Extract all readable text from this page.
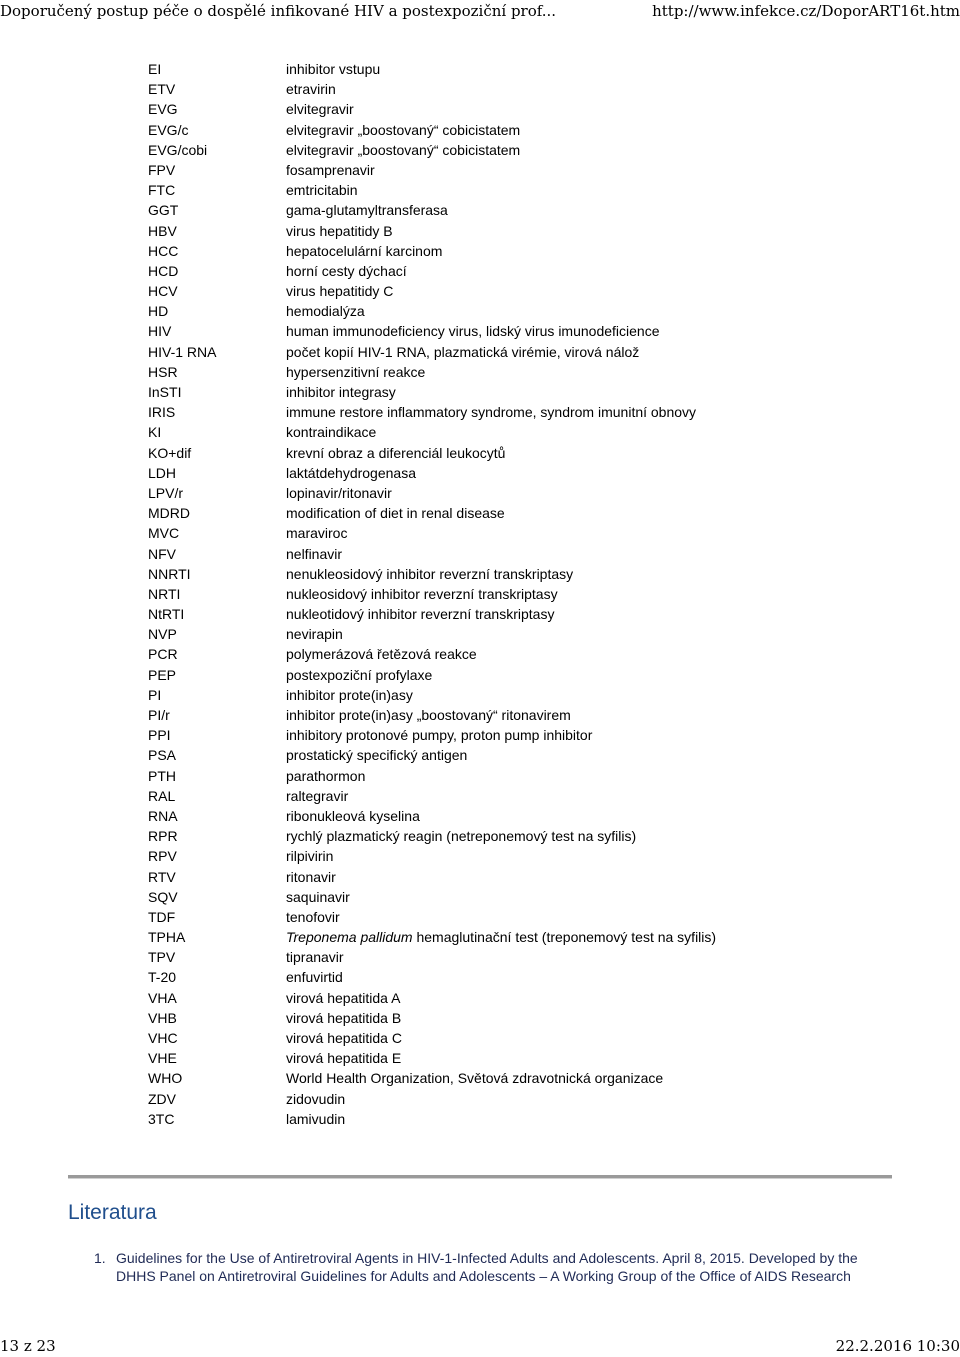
Doporučený postup péče o dospělé infikované HIV a postexpoziční prof...	http://www.infekce.cz/DoporART16t.htm
EI	inhibitor vstupu
ETV	etravirin
EVG	elvitegravir
EVG/c	elvitegravir „boostovaný“ cobicistatem
EVG/cobi	elvitegravir „boostovaný“ cobicistatem
FPV	fosamprenavir
FTC	emtricitabin
GGT	gama-glutamyltransferasa
HBV	virus hepatitidy B
HCC	hepatocelulární karcinom
HCD	horní cesty dýchací
HCV	virus hepatitidy C
HD	hemodialýza
HIV	human immunodeficiency virus, lidský virus imunodeficience
HIV-1 RNA	počet kopií HIV-1 RNA, plazmatická virémie, virová nálož
HSR	hypersenzitivní reakce
InSTI	inhibitor integrasy
IRIS	immune restore inflammatory syndrome, syndrom imunitní obnovy
KI	kontraindikace
KO+dif	krevní obraz a diferenciál leukocytů
LDH	laktátdehydrogenasa
LPV/r	lopinavir/ritonavir
MDRD	modification of diet in renal disease
MVC	maraviroc
NFV	nelfinavir
NNRTI	nenukleosidový inhibitor reverzní transkriptasy
NRTI	nukleosidový inhibitor reverzní transkriptasy
NtRTI	nukleotidový inhibitor reverzní transkriptasy
NVP	nevirapin
PCR	polymerázová řetězová reakce
PEP	postexpoziční profylaxe
PI	inhibitor prote(in)asy
PI/r	inhibitor prote(in)asy „boostovaný“ ritonavirem
PPI	inhibitory protonové pumpy, proton pump inhibitor
PSA	prostatický specifický antigen
PTH	parathormon
RAL	raltegravir
RNA	ribonukleová kyselina
RPR	rychlý plazmatický reagin (netreponemový test na syfilis)
RPV	rilpivirin
RTV	ritonavir
SQV	saquinavir
TDF	tenofovir
TPHA	Treponema pallidum hemaglutinační test (treponemový test na syfilis)
TPV	tipranavir
T-20	enfuvirtid
VHA	virová hepatitida A
VHB	virová hepatitida B
VHC	virová hepatitida C
VHE	virová hepatitida E
WHO	World Health Organization, Světová zdravotnická organizace
ZDV	zidovudin
3TC	lamivudin
Literatura
1. Guidelines for the Use of Antiretroviral Agents in HIV-1-Infected Adults and Adolescents. April 8, 2015. Developed by the DHHS Panel on Antiretroviral Guidelines for Adults and Adolescents – A Working Group of the Office of AIDS Research
13 z 23	22.2.2016 10:30
